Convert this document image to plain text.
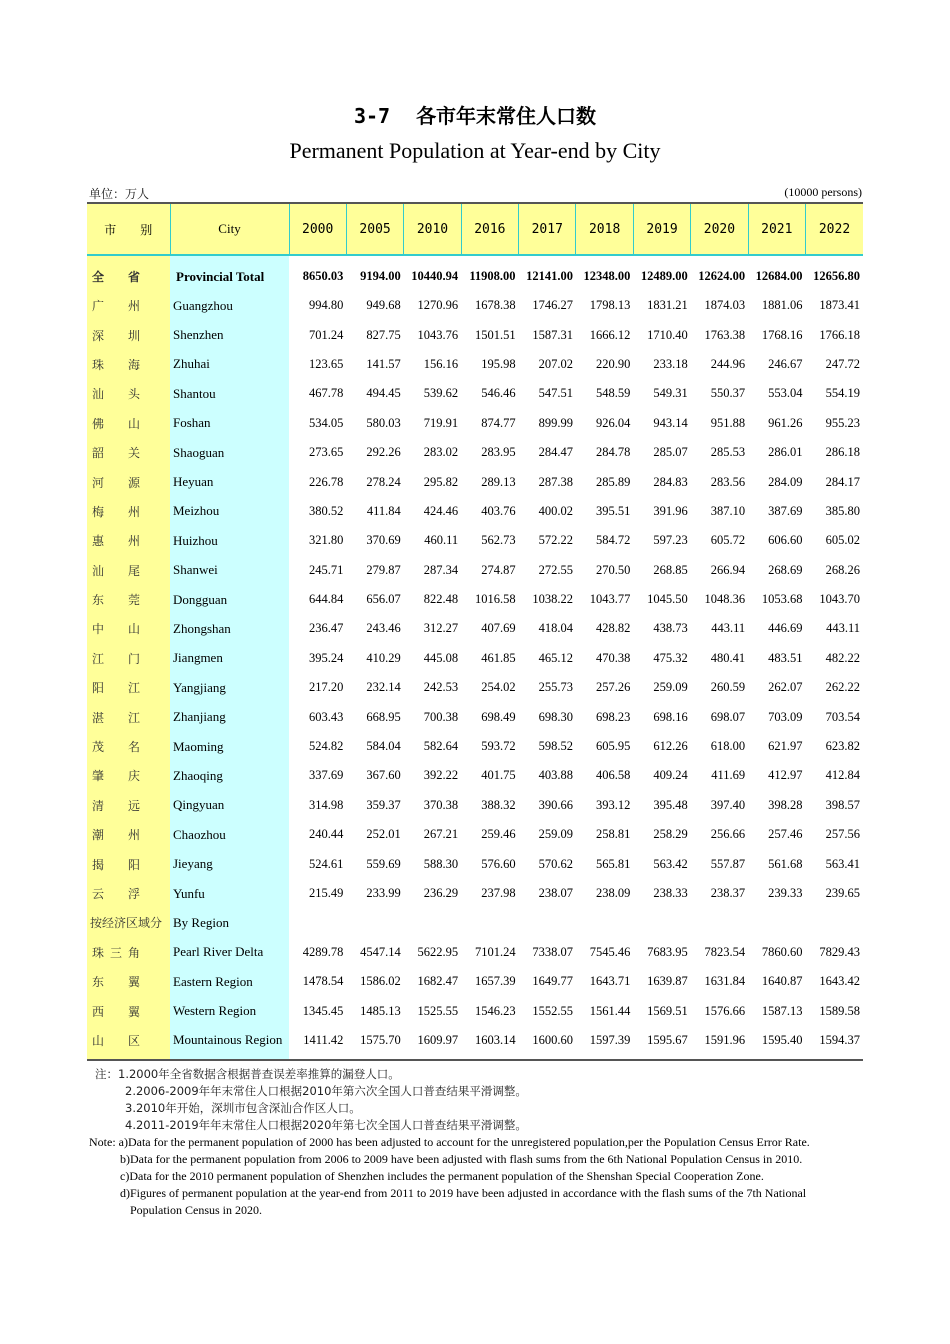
3-7 各市年末常住人口数
Permanent Population at Year-end by City
单位：万人	(10000 persons)
市　　别	City	2000	2005	2010	2016	2017	2018	2019	2020	2021	2022

全 省	Provincial Total	8650.03	9194.00	10440.94	11908.00	12141.00	12348.00	12489.00	12624.00	12684.00	12656.80

广 州	Guangzhou	994.80	949.68	1270.96	1678.38	1746.27	1798.13	1831.21	1874.03	1881.06	1873.41

深 圳	Shenzhen	701.24	827.75	1043.76	1501.51	1587.31	1666.12	1710.40	1763.38	1768.16	1766.18

珠 海	Zhuhai	123.65	141.57	156.16	195.98	207.02	220.90	233.18	244.96	246.67	247.72

汕 头	Shantou	467.78	494.45	539.62	546.46	547.51	548.59	549.31	550.37	553.04	554.19

佛 山	Foshan	534.05	580.03	719.91	874.77	899.99	926.04	943.14	951.88	961.26	955.23

韶 关	Shaoguan	273.65	292.26	283.02	283.95	284.47	284.78	285.07	285.53	286.01	286.18

河 源	Heyuan	226.78	278.24	295.82	289.13	287.38	285.89	284.83	283.56	284.09	284.17

梅 州	Meizhou	380.52	411.84	424.46	403.76	400.02	395.51	391.96	387.10	387.69	385.80

惠 州	Huizhou	321.80	370.69	460.11	562.73	572.22	584.72	597.23	605.72	606.60	605.02

汕 尾	Shanwei	245.71	279.87	287.34	274.87	272.55	270.50	268.85	266.94	268.69	268.26

东 莞	Dongguan	644.84	656.07	822.48	1016.58	1038.22	1043.77	1045.50	1048.36	1053.68	1043.70

中 山	Zhongshan	236.47	243.46	312.27	407.69	418.04	428.82	438.73	443.11	446.69	443.11

江 门	Jiangmen	395.24	410.29	445.08	461.85	465.12	470.38	475.32	480.41	483.51	482.22

阳 江	Yangjiang	217.20	232.14	242.53	254.02	255.73	257.26	259.09	260.59	262.07	262.22

湛 江	Zhanjiang	603.43	668.95	700.38	698.49	698.30	698.23	698.16	698.07	703.09	703.54

茂 名	Maoming	524.82	584.04	582.64	593.72	598.52	605.95	612.26	618.00	621.97	623.82

肇 庆	Zhaoqing	337.69	367.60	392.22	401.75	403.88	406.58	409.24	411.69	412.97	412.84

清 远	Qingyuan	314.98	359.37	370.38	388.32	390.66	393.12	395.48	397.40	398.28	398.57

潮 州	Chaozhou	240.44	252.01	267.21	259.46	259.09	258.81	258.29	256.66	257.46	257.56

揭 阳	Jieyang	524.61	559.69	588.30	576.60	570.62	565.81	563.42	557.87	561.68	563.41

云 浮	Yunfu	215.49	233.99	236.29	237.98	238.07	238.09	238.33	238.37	239.33	239.65
按经济区域分	By Region										

珠 三 角	Pearl River Delta	4289.78	4547.14	5622.95	7101.24	7338.07	7545.46	7683.95	7823.54	7860.60	7829.43

东 翼	Eastern Region	1478.54	1586.02	1682.47	1657.39	1649.77	1643.71	1639.87	1631.84	1640.87	1643.42

西 翼	Western Region	1345.45	1485.13	1525.55	1546.23	1552.55	1561.44	1569.51	1576.66	1587.13	1589.58

山 区	Mountainous Region	1411.42	1575.70	1609.97	1603.14	1600.60	1597.39	1595.67	1591.96	1595.40	1594.37
注：1.2000年全省数据含根据普查误差率推算的漏登人口。
2.2006-2009年年末常住人口根据2010年第六次全国人口普查结果平滑调整。
3.2010年开始，深圳市包含深汕合作区人口。
4.2011-2019年年末常住人口根据2020年第七次全国人口普查结果平滑调整。
Note: a)Data for the permanent population of 2000 has been adjusted to account for the unregistered population,per the Population Census Error Rate.
b)Data for the permanent population from 2006 to 2009 have been adjusted with flash sums from the 6th National Population Census in 2010.
c)Data for the 2010 permanent population of Shenzhen includes the permanent population of the Shenshan Special Cooperation Zone.
d)Figures of permanent population at the year-end from 2011 to 2019 have been adjusted in accordance with the flash sums of the 7th National
Population Census in 2020.
